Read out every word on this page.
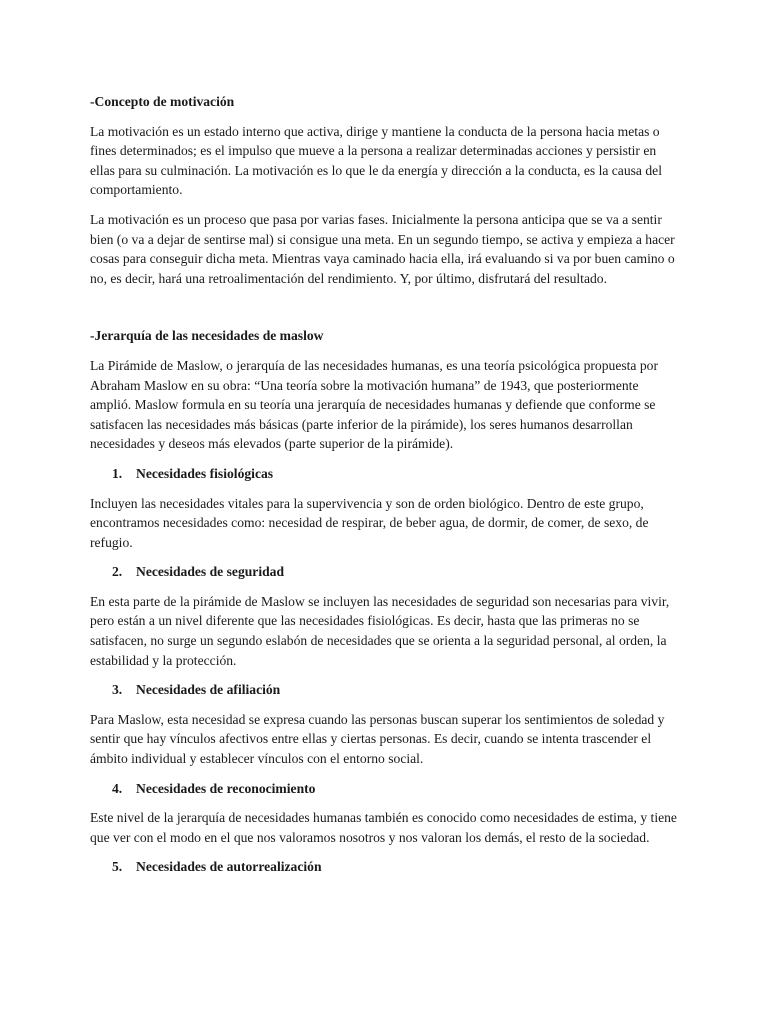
-Concepto de motivación

La motivación es un estado interno que activa, dirige y mantiene la conducta de la persona hacia metas o fines determinados; es el impulso que mueve a la persona a realizar determinadas acciones y persistir en ellas para su culminación. La motivación es lo que le da energía y dirección a la conducta, es la causa del comportamiento.

La motivación es un proceso que pasa por varias fases. Inicialmente la persona anticipa que se va a sentir bien (o va a dejar de sentirse mal) si consigue una meta. En un segundo tiempo, se activa y empieza a hacer cosas para conseguir dicha meta. Mientras vaya caminado hacia ella, irá evaluando si va por buen camino o no, es decir, hará una retroalimentación del rendimiento. Y, por último, disfrutará del resultado.

-Jerarquía de las necesidades de maslow

La Pirámide de Maslow, o jerarquía de las necesidades humanas, es una teoría psicológica propuesta por Abraham Maslow en su obra: “Una teoría sobre la motivación humana” de 1943, que posteriormente amplió. Maslow formula en su teoría una jerarquía de necesidades humanas y defiende que conforme se satisfacen las necesidades más básicas (parte inferior de la pirámide), los seres humanos desarrollan necesidades y deseos más elevados (parte superior de la pirámide).

1.	Necesidades fisiológicas

Incluyen las necesidades vitales para la supervivencia y son de orden biológico. Dentro de este grupo, encontramos necesidades como: necesidad de respirar, de beber agua, de dormir, de comer, de sexo, de refugio.

2.	Necesidades de seguridad

En esta parte de la pirámide de Maslow se incluyen las necesidades de seguridad son necesarias para vivir, pero están a un nivel diferente que las necesidades fisiológicas. Es decir, hasta que las primeras no se satisfacen, no surge un segundo eslabón de necesidades que se orienta a la seguridad personal, al orden, la estabilidad y la protección.

3.	Necesidades de afiliación

Para Maslow, esta necesidad se expresa cuando las personas buscan superar los sentimientos de soledad y sentir que hay vínculos afectivos entre ellas y ciertas personas. Es decir, cuando se intenta trascender el ámbito individual y establecer vínculos con el entorno social.

4.	Necesidades de reconocimiento

Este nivel de la jerarquía de necesidades humanas también es conocido como necesidades de estima, y tiene que ver con el modo en el que nos valoramos nosotros y nos valoran los demás, el resto de la sociedad.

5.	Necesidades de autorrealización
